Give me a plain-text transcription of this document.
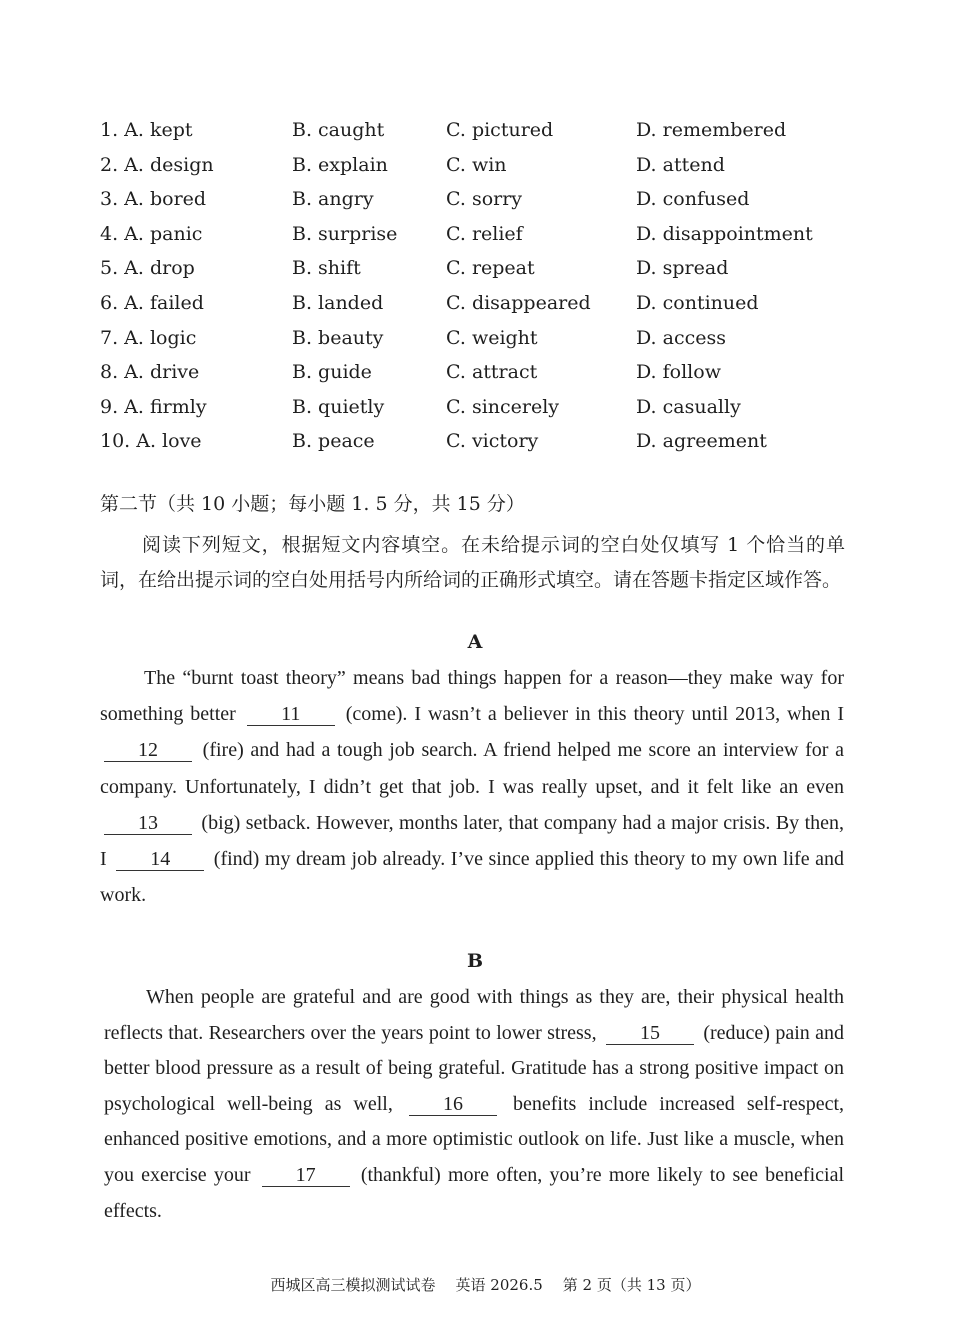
1. A. kept	B. caught	C. pictured	D. remembered
2. A. design	B. explain	C. win	D. attend
3. A. bored	B. angry	C. sorry	D. confused
4. A. panic	B. surprise	C. relief	D. disappointment
5. A. drop	B. shift	C. repeat	D. spread
6. A. failed	B. landed	C. disappeared D. continued
7. A. logic	B. beauty	C. weight	D. access
8. A. drive	B. guide	C. attract	D. follow
9. A. firmly	B. quietly	C. sincerely	D. casually
10. A. love	B. peace	C. victory	D. agreement
第二节（共 10 小题；每小题 1. 5 分，共 15 分）
阅读下列短文，根据短文内容填空。在未给提示词的空白处仅填写 1 个恰当的单词，在给出提示词的空白处用括号内所给词的正确形式填空。请在答题卡指定区域作答。
A
The “burnt toast theory” means bad things happen for a reason—they make way for something better 11 (come). I wasn’t a believer in this theory until 2013, when I 12 (fire) and had a tough job search. A friend helped me score an interview for a company. Unfortunately, I didn’t get that job. I was really upset, and it felt like an even 13 (big) setback. However, months later, that company had a major crisis. By then, I 14 (find) my dream job already. I’ve since applied this theory to my own life and work.
B
When people are grateful and are good with things as they are, their physical health reflects that. Researchers over the years point to lower stress, 15 (reduce) pain and better blood pressure as a result of being grateful. Gratitude has a strong positive impact on psychological well-being as well,	16	benefits include increased self-respect, enhanced positive emotions, and a more optimistic outlook on life. Just like a muscle, when you exercise your 17 (thankful) more often, you’re more likely to see beneficial effects.
西城区高三模拟测试试卷 英语 2026.5 第 2 页（共 13 页）
